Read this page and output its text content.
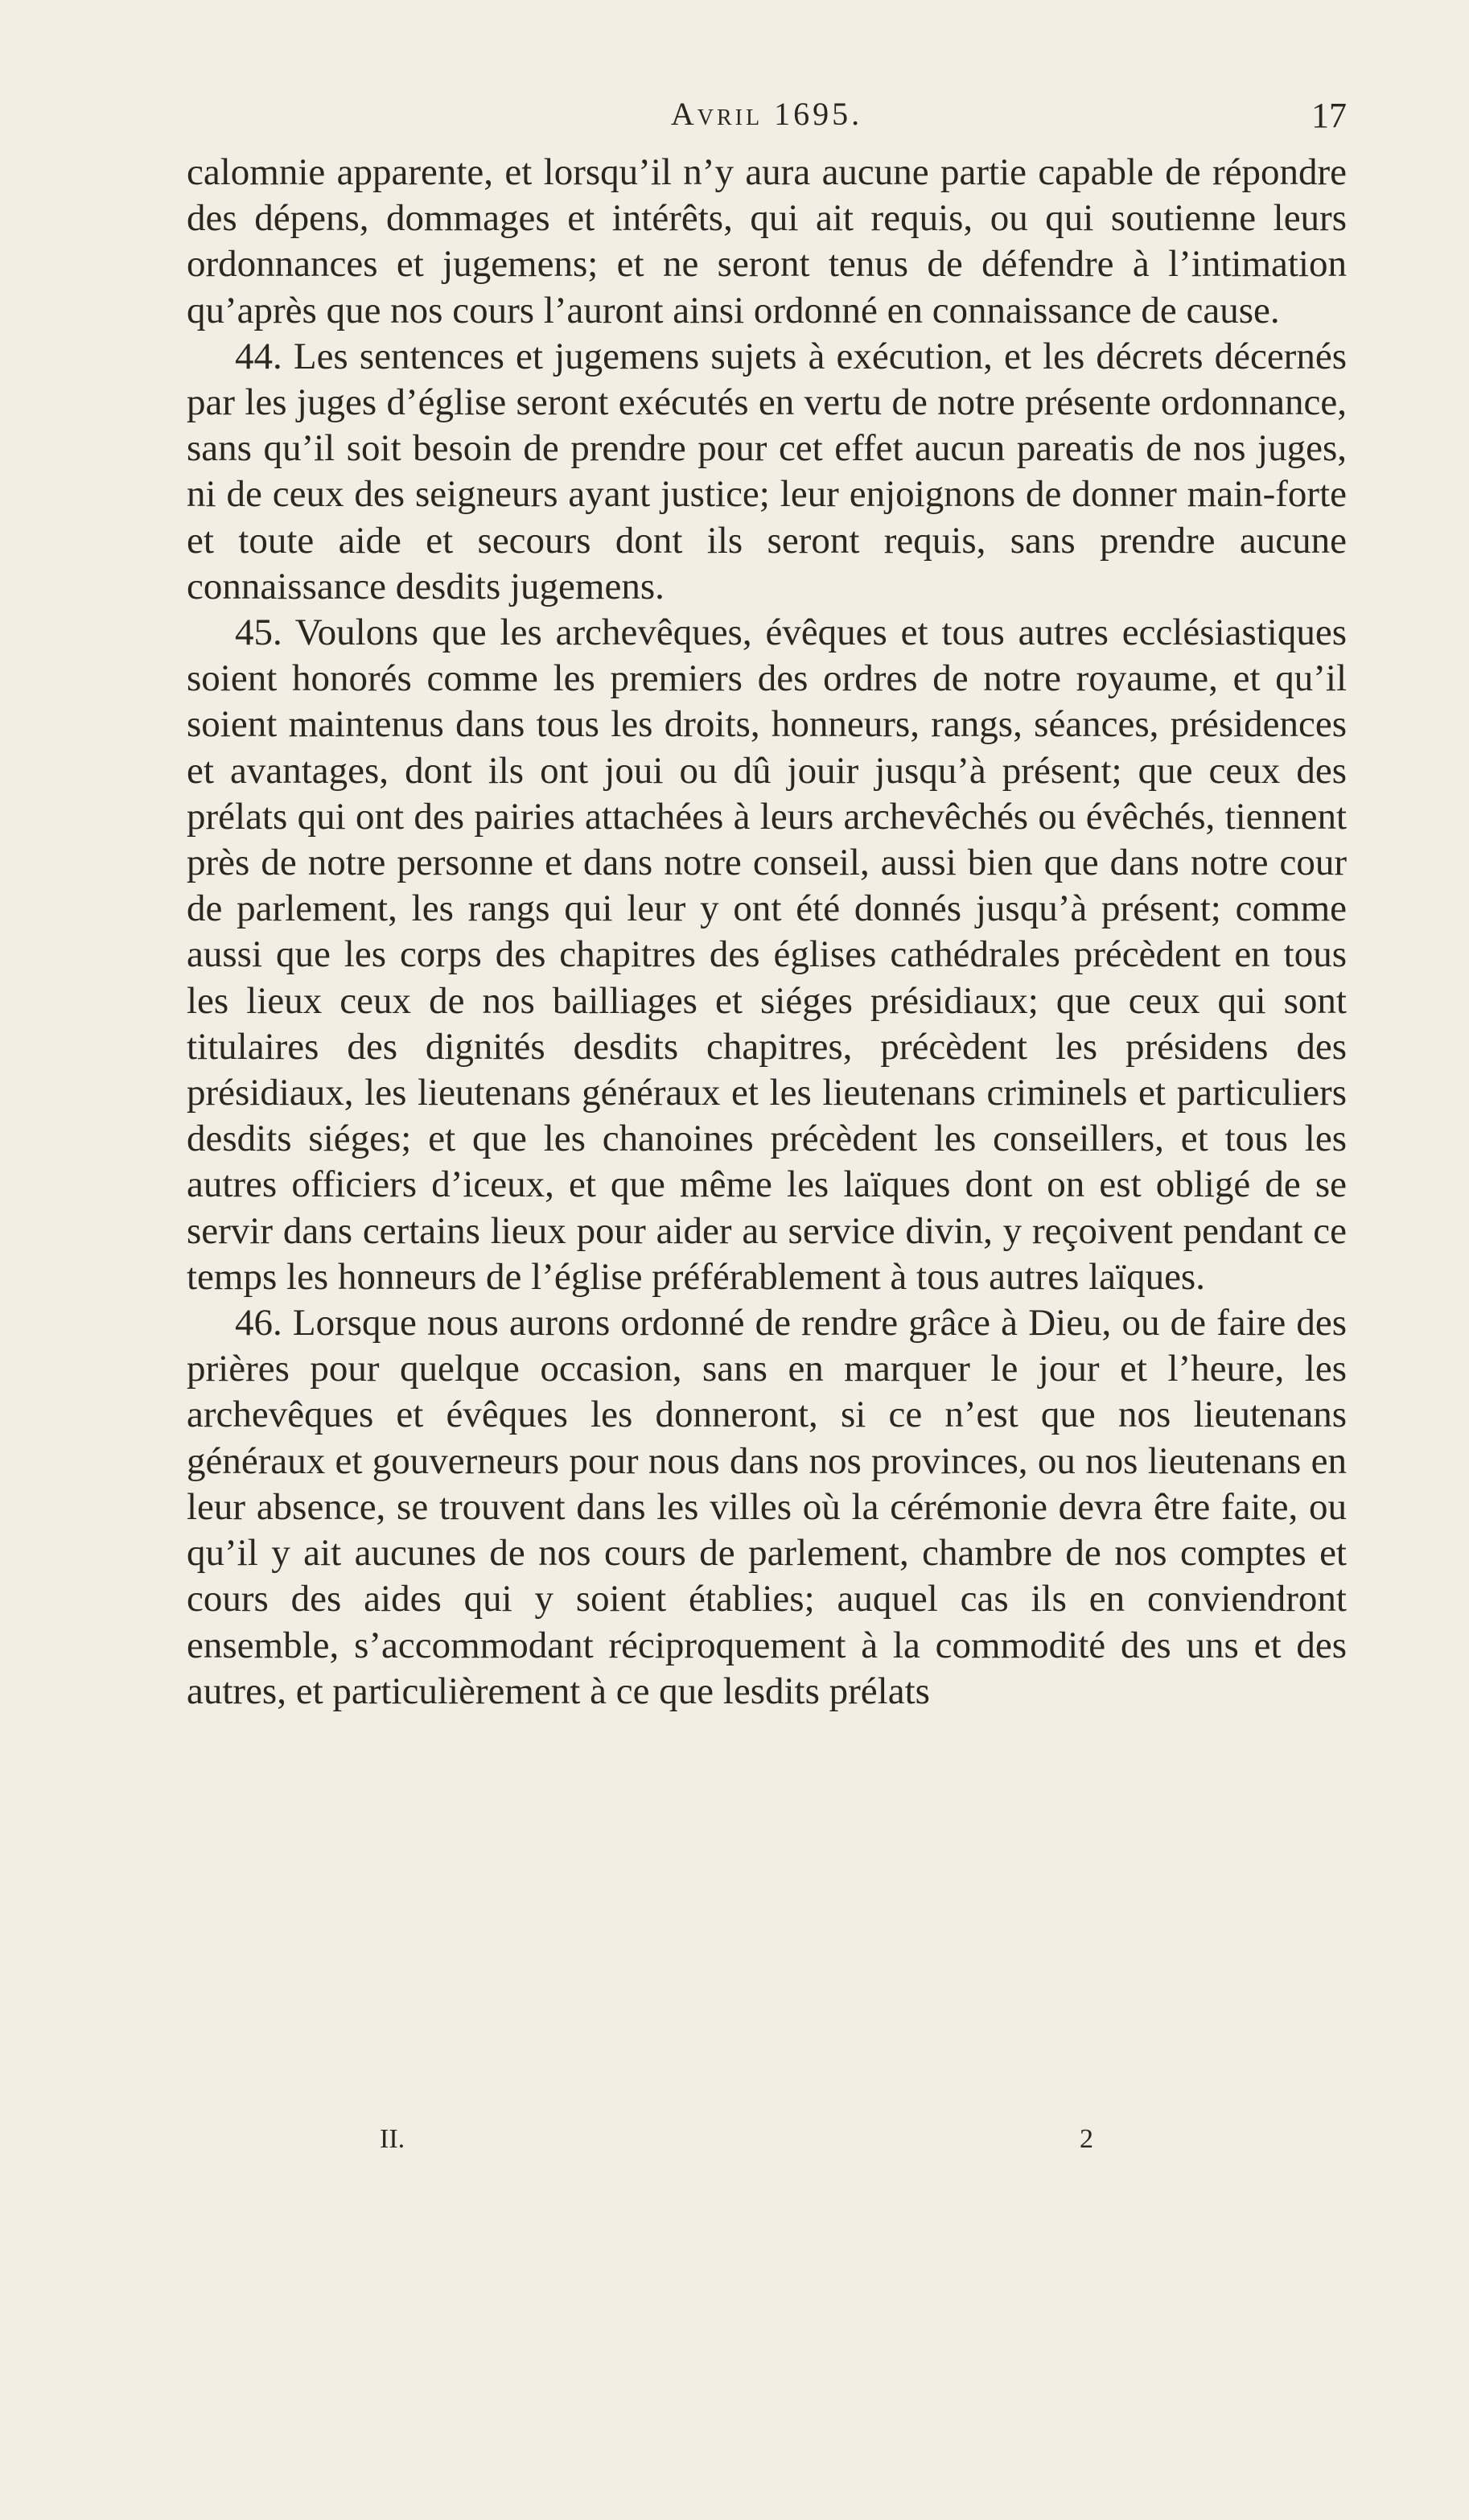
Avril 1695.	17

calomnie apparente, et lorsqu’il n’y aura aucune partie capable de répondre des dépens, dommages et intérêts, qui ait requis, ou qui soutienne leurs ordonnances et jugemens; et ne seront tenus de défendre à l’intimation qu’après que nos cours l’auront ainsi ordonné en connaissance de cause.

44. Les sentences et jugemens sujets à exécution, et les décrets décernés par les juges d’église seront exécutés en vertu de notre présente ordonnance, sans qu’il soit besoin de prendre pour cet effet aucun pareatis de nos juges, ni de ceux des seigneurs ayant justice; leur enjoignons de donner main-forte et toute aide et secours dont ils seront requis, sans prendre aucune connaissance desdits jugemens.

45. Voulons que les archevêques, évêques et tous autres ecclésiastiques soient honorés comme les premiers des ordres de notre royaume, et qu’il soient maintenus dans tous les droits, honneurs, rangs, séances, présidences et avantages, dont ils ont joui ou dû jouir jusqu’à présent; que ceux des prélats qui ont des pairies attachées à leurs archevêchés ou évêchés, tiennent près de notre personne et dans notre conseil, aussi bien que dans notre cour de parlement, les rangs qui leur y ont été donnés jusqu’à présent; comme aussi que les corps des chapitres des églises cathédrales précèdent en tous les lieux ceux de nos bailliages et siéges présidiaux; que ceux qui sont titulaires des dignités desdits chapitres, précèdent les présidens des présidiaux, les lieutenans généraux et les lieutenans criminels et particuliers desdits siéges; et que les chanoines précèdent les conseillers, et tous les autres officiers d’iceux, et que même les laïques dont on est obligé de se servir dans certains lieux pour aider au service divin, y reçoivent pendant ce temps les honneurs de l’église préférablement à tous autres laïques.

46. Lorsque nous aurons ordonné de rendre grâce à Dieu, ou de faire des prières pour quelque occasion, sans en marquer le jour et l’heure, les archevêques et évêques les donneront, si ce n’est que nos lieutenans généraux et gouverneurs pour nous dans nos provinces, ou nos lieutenans en leur absence, se trouvent dans les villes où la cérémonie devra être faite, ou qu’il y ait aucunes de nos cours de parlement, chambre de nos comptes et cours des aides qui y soient établies; auquel cas ils en conviendront ensemble, s’accommodant réciproquement à la commodité des uns et des autres, et particulièrement à ce que lesdits prélats

II.	2
